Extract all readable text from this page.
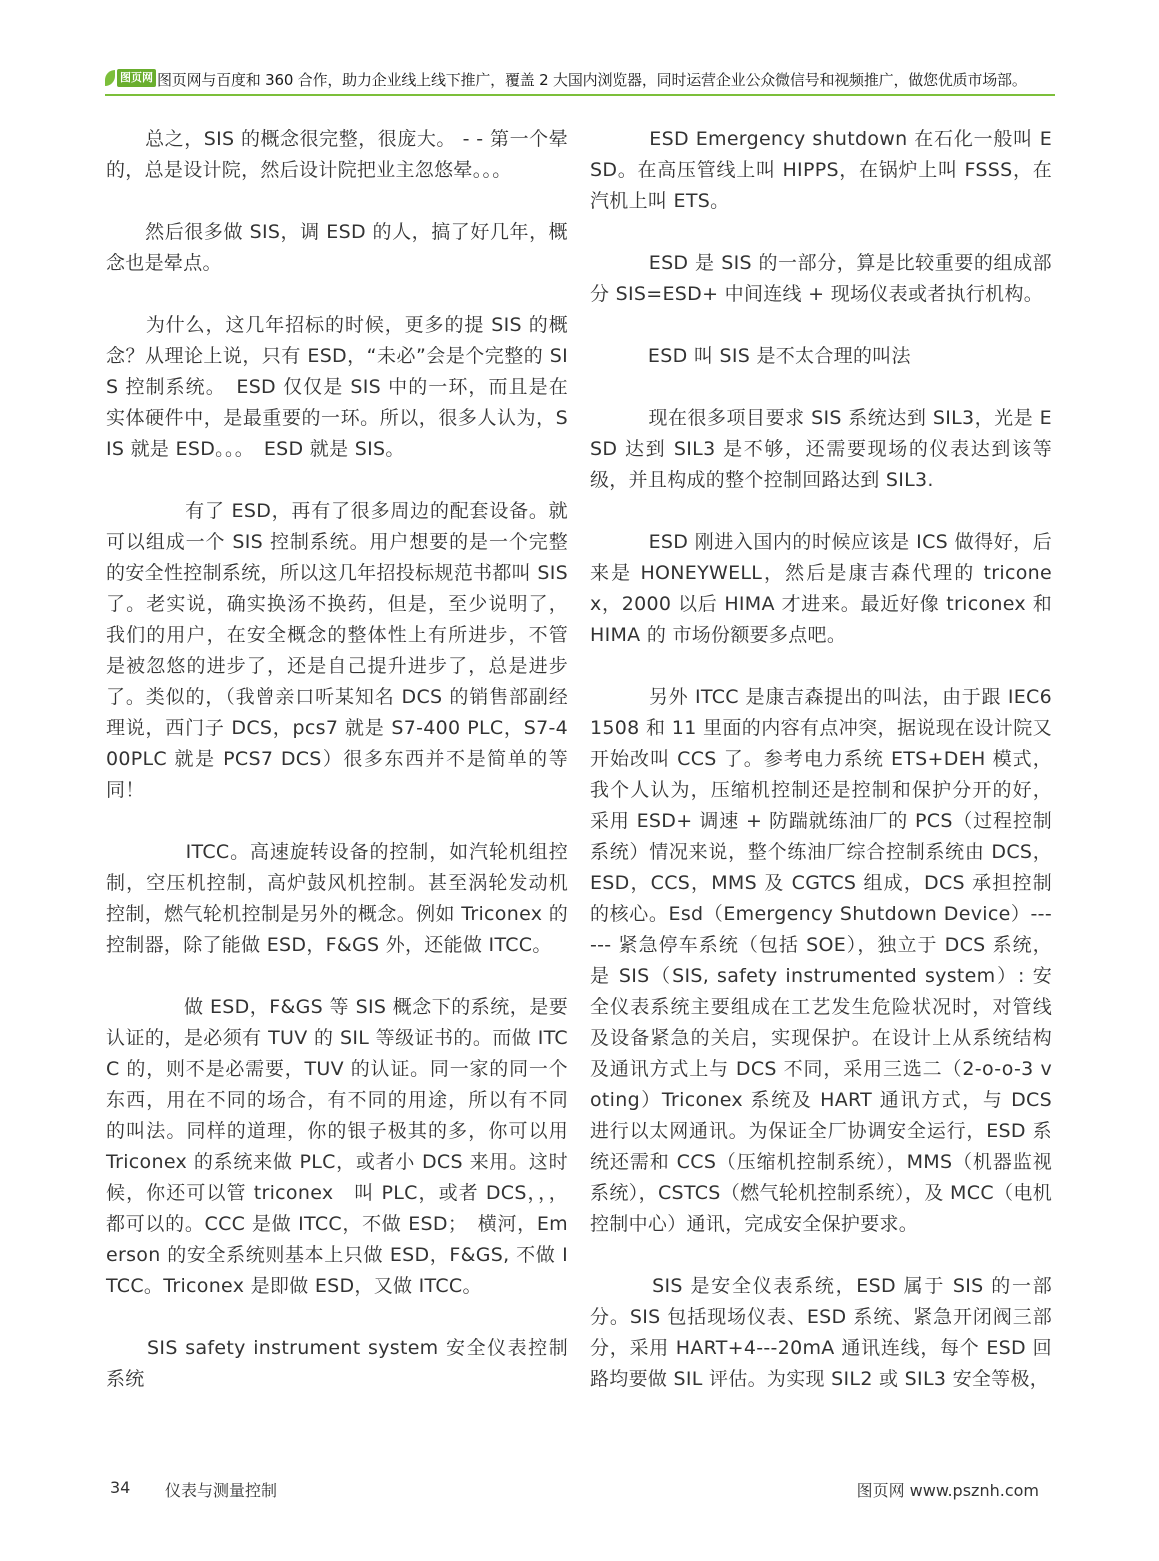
图页网 图页网与百度和 360 合作，助力企业线上线下推广，覆盖 2 大国内浏览器，同时运营企业公众微信号和视频推广，做您优质市场部。

　　总之，SIS 的概念很完整，很庞大。 - - 第一个晕的，总是设计院，然后设计院把业主忽悠晕。。。

　　然后很多做 SIS，调 ESD 的人，搞了好几年，概念也是晕点。

　　为什么，这几年招标的时候，更多的提 SIS 的概念？从理论上说，只有 ESD，“未必”会是个完整的 SIS 控制系统。　ESD 仅仅是 SIS 中的一环，而且是在实体硬件中，是最重要的一环。所以，很多人认为，SIS 就是 ESD。。。　ESD 就是 SIS。

　　　　有了 ESD，再有了很多周边的配套设备。就可以组成一个 SIS 控制系统。用户想要的是一个完整的安全性控制系统，所以这几年招投标规范书都叫 SIS 了。老实说，确实换汤不换药，但是，至少说明了，我们的用户，在安全概念的整体性上有所进步，不管是被忽悠的进步了，还是自己提升进步了，总是进步了。类似的，（我曾亲口听某知名 DCS 的销售部副经理说，西门子 DCS，pcs7 就是 S7-400 PLC，S7-400PLC 就是 PCS7 DCS）很多东西并不是简单的等同！

　　　　ITCC。高速旋转设备的控制，如汽轮机组控制，空压机控制，高炉鼓风机控制。甚至涡轮发动机控制，燃气轮机控制是另外的概念。例如 Triconex 的控制器，除了能做 ESD，F&GS 外，还能做 ITCC。

　　　　做 ESD，F&GS 等 SIS 概念下的系统，是要认证的，是必须有 TUV 的 SIL 等级证书的。而做 ITCC 的，则不是必需要，TUV 的认证。同一家的同一个东西，用在不同的场合，有不同的用途，所以有不同的叫法。同样的道理，你的银子极其的多，你可以用 Triconex 的系统来做 PLC，或者小 DCS 来用。这时候，你还可以管 triconex　叫 PLC，或者 DCS，，，都可以的。CCC 是做 ITCC，不做 ESD；　横河，Emerson 的安全系统则基本上只做 ESD，F&GS, 不做 ITCC。Triconex 是即做 ESD，又做 ITCC。

　　SIS safety instrument system 安全仪表控制系统

　　　ESD Emergency shutdown 在石化一般叫 ESD。在高压管线上叫 HIPPS，在锅炉上叫 FSSS，在汽机上叫 ETS。

　　　ESD 是 SIS 的一部分，算是比较重要的组成部分 SIS=ESD+ 中间连线 + 现场仪表或者执行机构。

　　　ESD 叫 SIS 是不太合理的叫法

　　　现在很多项目要求 SIS 系统达到 SIL3，光是 ESD 达到 SIL3 是不够，还需要现场的仪表达到该等级，并且构成的整个控制回路达到 SIL3.

　　　ESD 刚进入国内的时候应该是 ICS 做得好，后来是 HONEYWELL，然后是康吉森代理的 triconex，2000 以后 HIMA 才进来。最近好像 triconex 和 HIMA 的 市场份额要多点吧。

　　　另外 ITCC 是康吉森提出的叫法，由于跟 IEC61508 和 11 里面的内容有点冲突，据说现在设计院又开始改叫 CCS 了。参考电力系统 ETS+DEH 模式，我个人认为，压缩机控制还是控制和保护分开的好，采用 ESD+ 调速 + 防踹就练油厂的 PCS（过程控制系统）情况来说，整个练油厂综合控制系统由 DCS，ESD，CCS，MMS 及 CGTCS 组成，DCS 承担控制的核心。Esd（Emergency Shutdown Device）------ 紧急停车系统（包括 SOE），独立于 DCS 系统，是 SIS（SIS, safety instrumented system）: 安全仪表系统主要组成在工艺发生危险状况时，对管线及设备紧急的关启，实现保护。在设计上从系统结构及通讯方式上与 DCS 不同，采用三选二（2-o-o-3 voting）Triconex 系统及 HART 通讯方式，与 DCS 进行以太网通讯。为保证全厂协调安全运行，ESD 系统还需和 CCS（压缩机控制系统），MMS（机器监视系统），CSTCS（燃气轮机控制系统），及 MCC（电机控制中心）通讯，完成安全保护要求。

　　　SIS 是安全仪表系统，ESD 属于 SIS 的一部分。SIS 包括现场仪表、ESD 系统、紧急开闭阀三部分，采用 HART+4---20mA 通讯连线，每个 ESD 回路均要做 SIL 评估。为实现 SIL2 或 SIL3 安全等极，

34 仪表与测量控制	图页网 www.psznh.com
